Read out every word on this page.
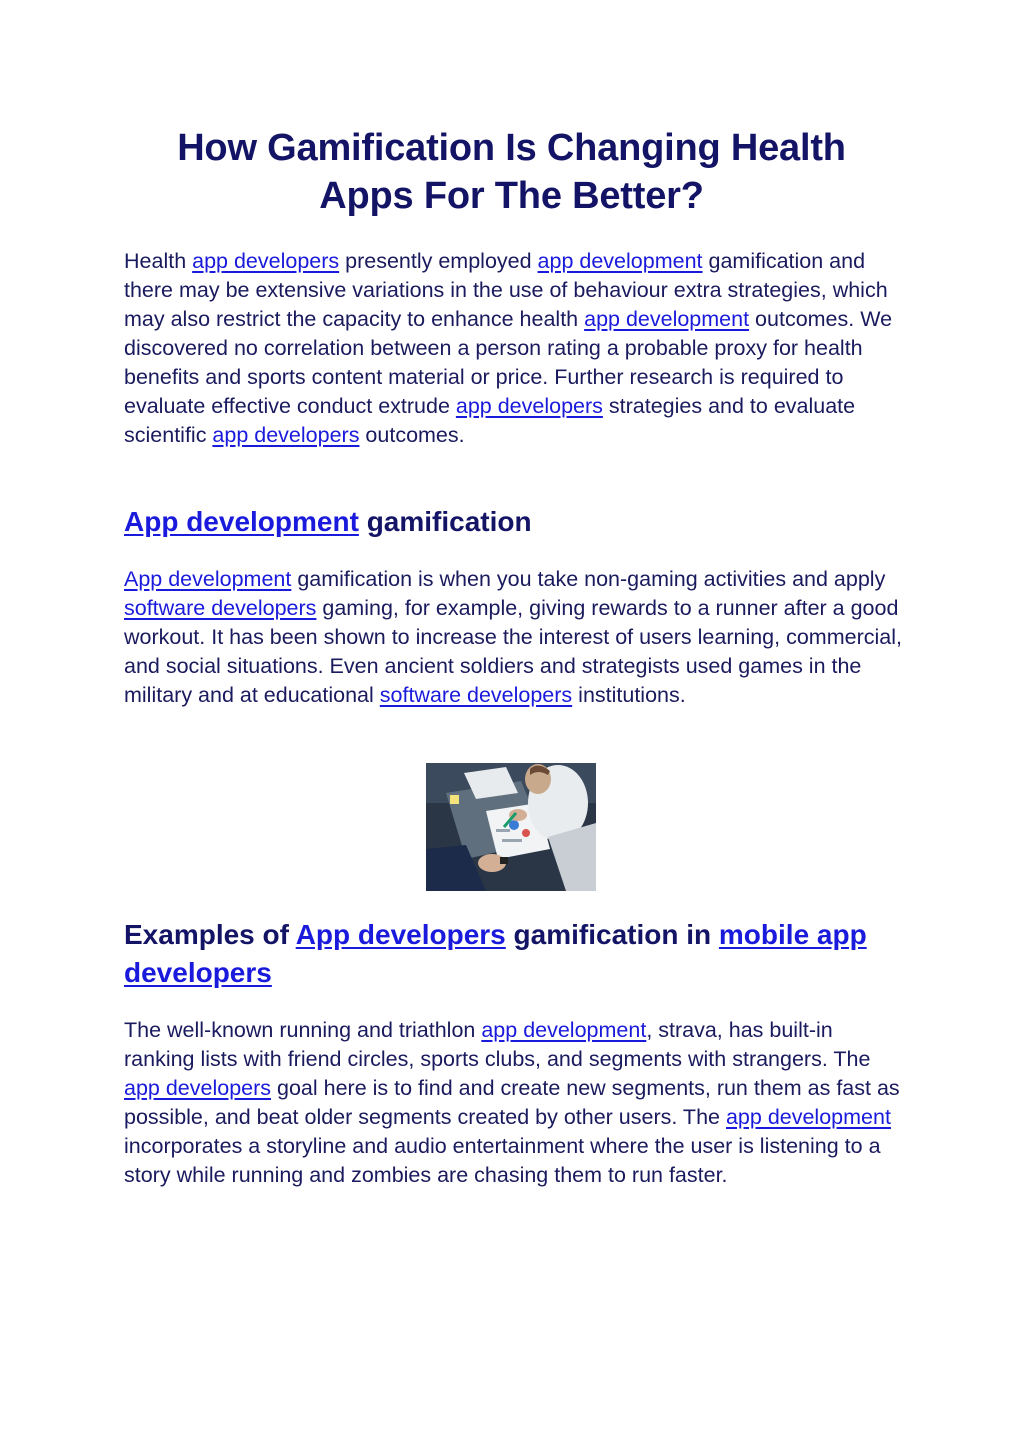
How Gamification Is Changing Health
Apps For The Better?

Health app developers presently employed app development gamification and there may be extensive variations in the use of behaviour extra strategies, which may also restrict the capacity to enhance health app development outcomes. We discovered no correlation between a person rating a probable proxy for health benefits and sports content material or price. Further research is required to evaluate effective conduct extrude app developers strategies and to evaluate scientific app developers outcomes.

App development gamification

App development gamification is when you take non-gaming activities and apply software developers gaming, for example, giving rewards to a runner after a good workout. It has been shown to increase the interest of users learning, commercial, and social situations. Even ancient soldiers and strategists used games in the military and at educational software developers institutions.

Examples of App developers gamification in mobile app developers

The well-known running and triathlon app development, strava, has built-in ranking lists with friend circles, sports clubs, and segments with strangers. The app developers goal here is to find and create new segments, run them as fast as possible, and beat older segments created by other users. The app development incorporates a storyline and audio entertainment where the user is listening to a story while running and zombies are chasing them to run faster.
